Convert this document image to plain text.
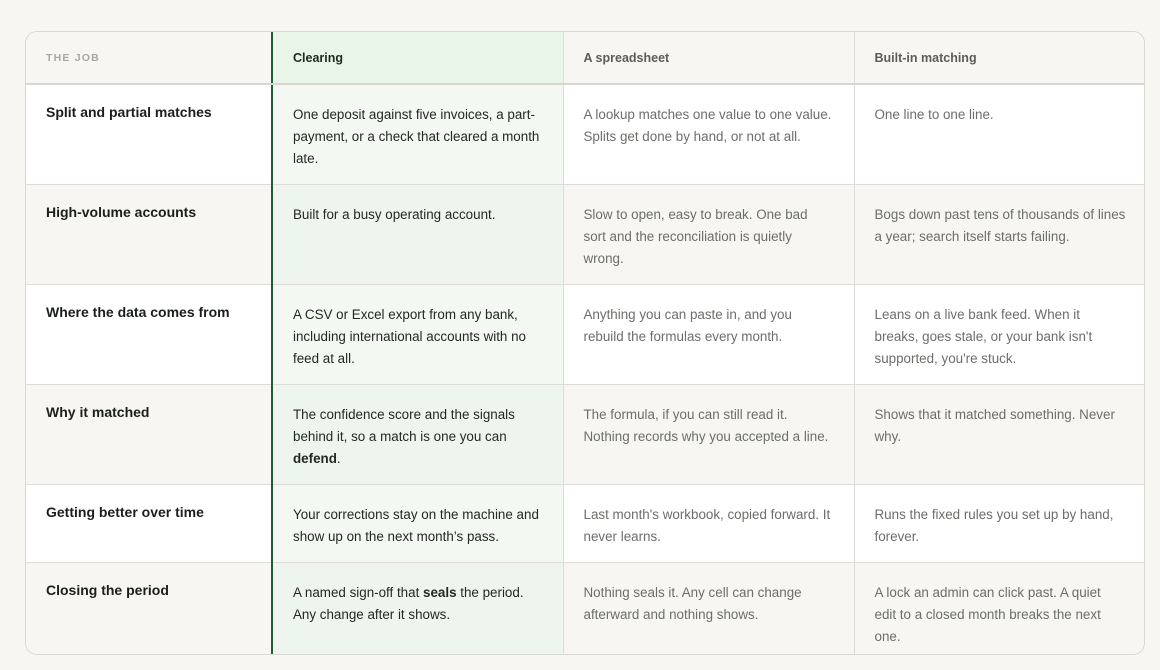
THE JOB	Clearing	A spreadsheet	Built-in matching
Split and partial matches	One deposit against five invoices, a part-payment, or a check that cleared a month late.	A lookup matches one value to one value. Splits get done by hand, or not at all.	One line to one line.
High-volume accounts	Built for a busy operating account.	Slow to open, easy to break. One bad sort and the reconciliation is quietly wrong.	Bogs down past tens of thousands of lines a year; search itself starts failing.
Where the data comes from	A CSV or Excel export from any bank, including international accounts with no feed at all.	Anything you can paste in, and you rebuild the formulas every month.	Leans on a live bank feed. When it breaks, goes stale, or your bank isn't supported, you're stuck.
Why it matched	The confidence score and the signals behind it, so a match is one you can defend.	The formula, if you can still read it. Nothing records why you accepted a line.	Shows that it matched something. Never why.
Getting better over time	Your corrections stay on the machine and show up on the next month’s pass.	Last month's workbook, copied forward. It never learns.	Runs the fixed rules you set up by hand, forever.
Closing the period	A named sign-off that seals the period. Any change after it shows.	Nothing seals it. Any cell can change afterward and nothing shows.	A lock an admin can click past. A quiet edit to a closed month breaks the next one.
